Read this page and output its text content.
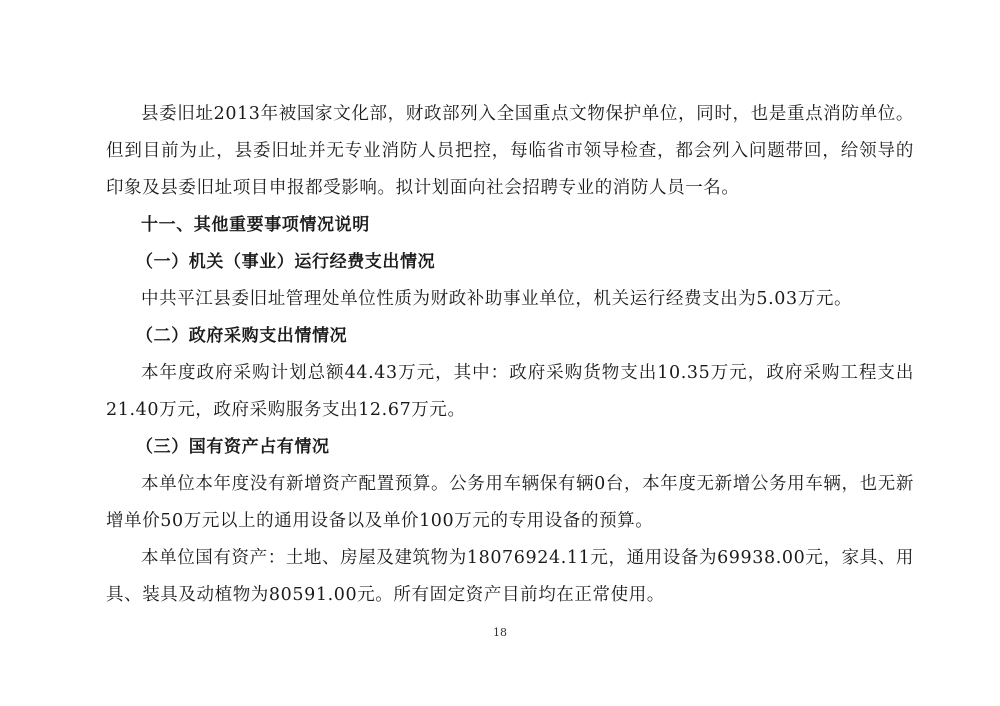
县委旧址2013年被国家文化部，财政部列入全国重点文物保护单位，同时，也是重点消防单位。但到目前为止，县委旧址并无专业消防人员把控，每临省市领导检查，都会列入问题带回，给领导的印象及县委旧址项目申报都受影响。拟计划面向社会招聘专业的消防人员一名。

十一、其他重要事项情况说明

（一）机关（事业）运行经费支出情况

中共平江县委旧址管理处单位性质为财政补助事业单位，机关运行经费支出为5.03万元。

（二）政府采购支出情情况

本年度政府采购计划总额44.43万元，其中：政府采购货物支出10.35万元，政府采购工程支出21.40万元，政府采购服务支出12.67万元。

（三）国有资产占有情况

本单位本年度没有新增资产配置预算。公务用车辆保有辆0台，本年度无新增公务用车辆，也无新增单价50万元以上的通用设备以及单价100万元的专用设备的预算。

本单位国有资产：土地、房屋及建筑物为18076924.11元，通用设备为69938.00元，家具、用具、装具及动植物为80591.00元。所有固定资产目前均在正常使用。

18
